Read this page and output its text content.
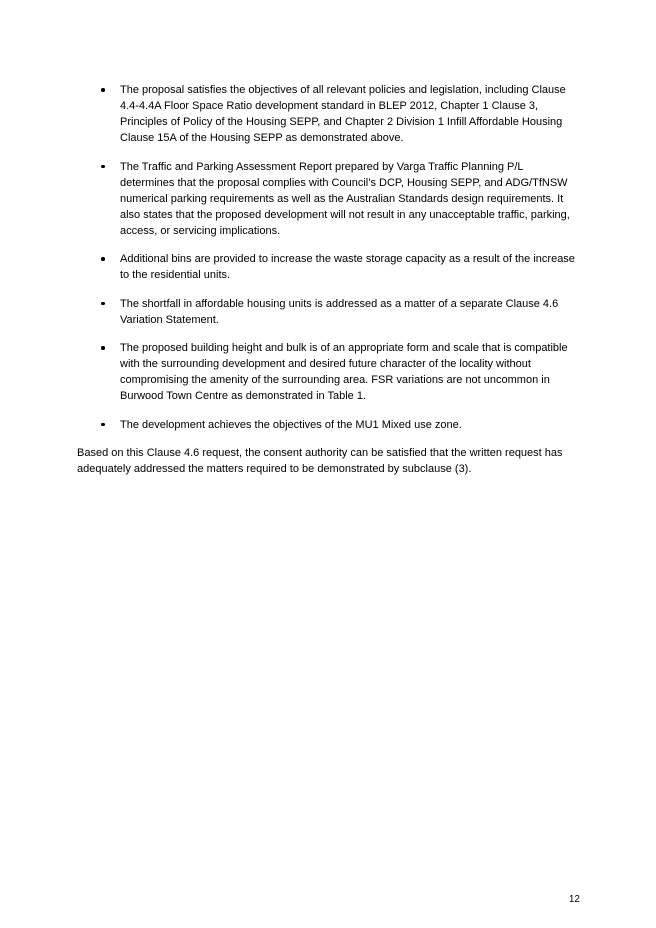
The proposal satisfies the objectives of all relevant policies and legislation, including Clause 4.4-4.4A Floor Space Ratio development standard in BLEP 2012, Chapter 1 Clause 3, Principles of Policy of the Housing SEPP, and Chapter 2 Division 1 Infill Affordable Housing Clause 15A of the Housing SEPP as demonstrated above.
The Traffic and Parking Assessment Report prepared by Varga Traffic Planning P/L determines that the proposal complies with Council’s DCP, Housing SEPP, and ADG/TfNSW numerical parking requirements as well as the Australian Standards design requirements. It also states that the proposed development will not result in any unacceptable traffic, parking, access, or servicing implications.
Additional bins are provided to increase the waste storage capacity as a result of the increase to the residential units.
The shortfall in affordable housing units is addressed as a matter of a separate Clause 4.6 Variation Statement.
The proposed building height and bulk is of an appropriate form and scale that is compatible with the surrounding development and desired future character of the locality without compromising the amenity of the surrounding area. FSR variations are not uncommon in Burwood Town Centre as demonstrated in Table 1.
The development achieves the objectives of the MU1 Mixed use zone.

Based on this Clause 4.6 request, the consent authority can be satisfied that the written request has adequately addressed the matters required to be demonstrated by subclause (3).

12
